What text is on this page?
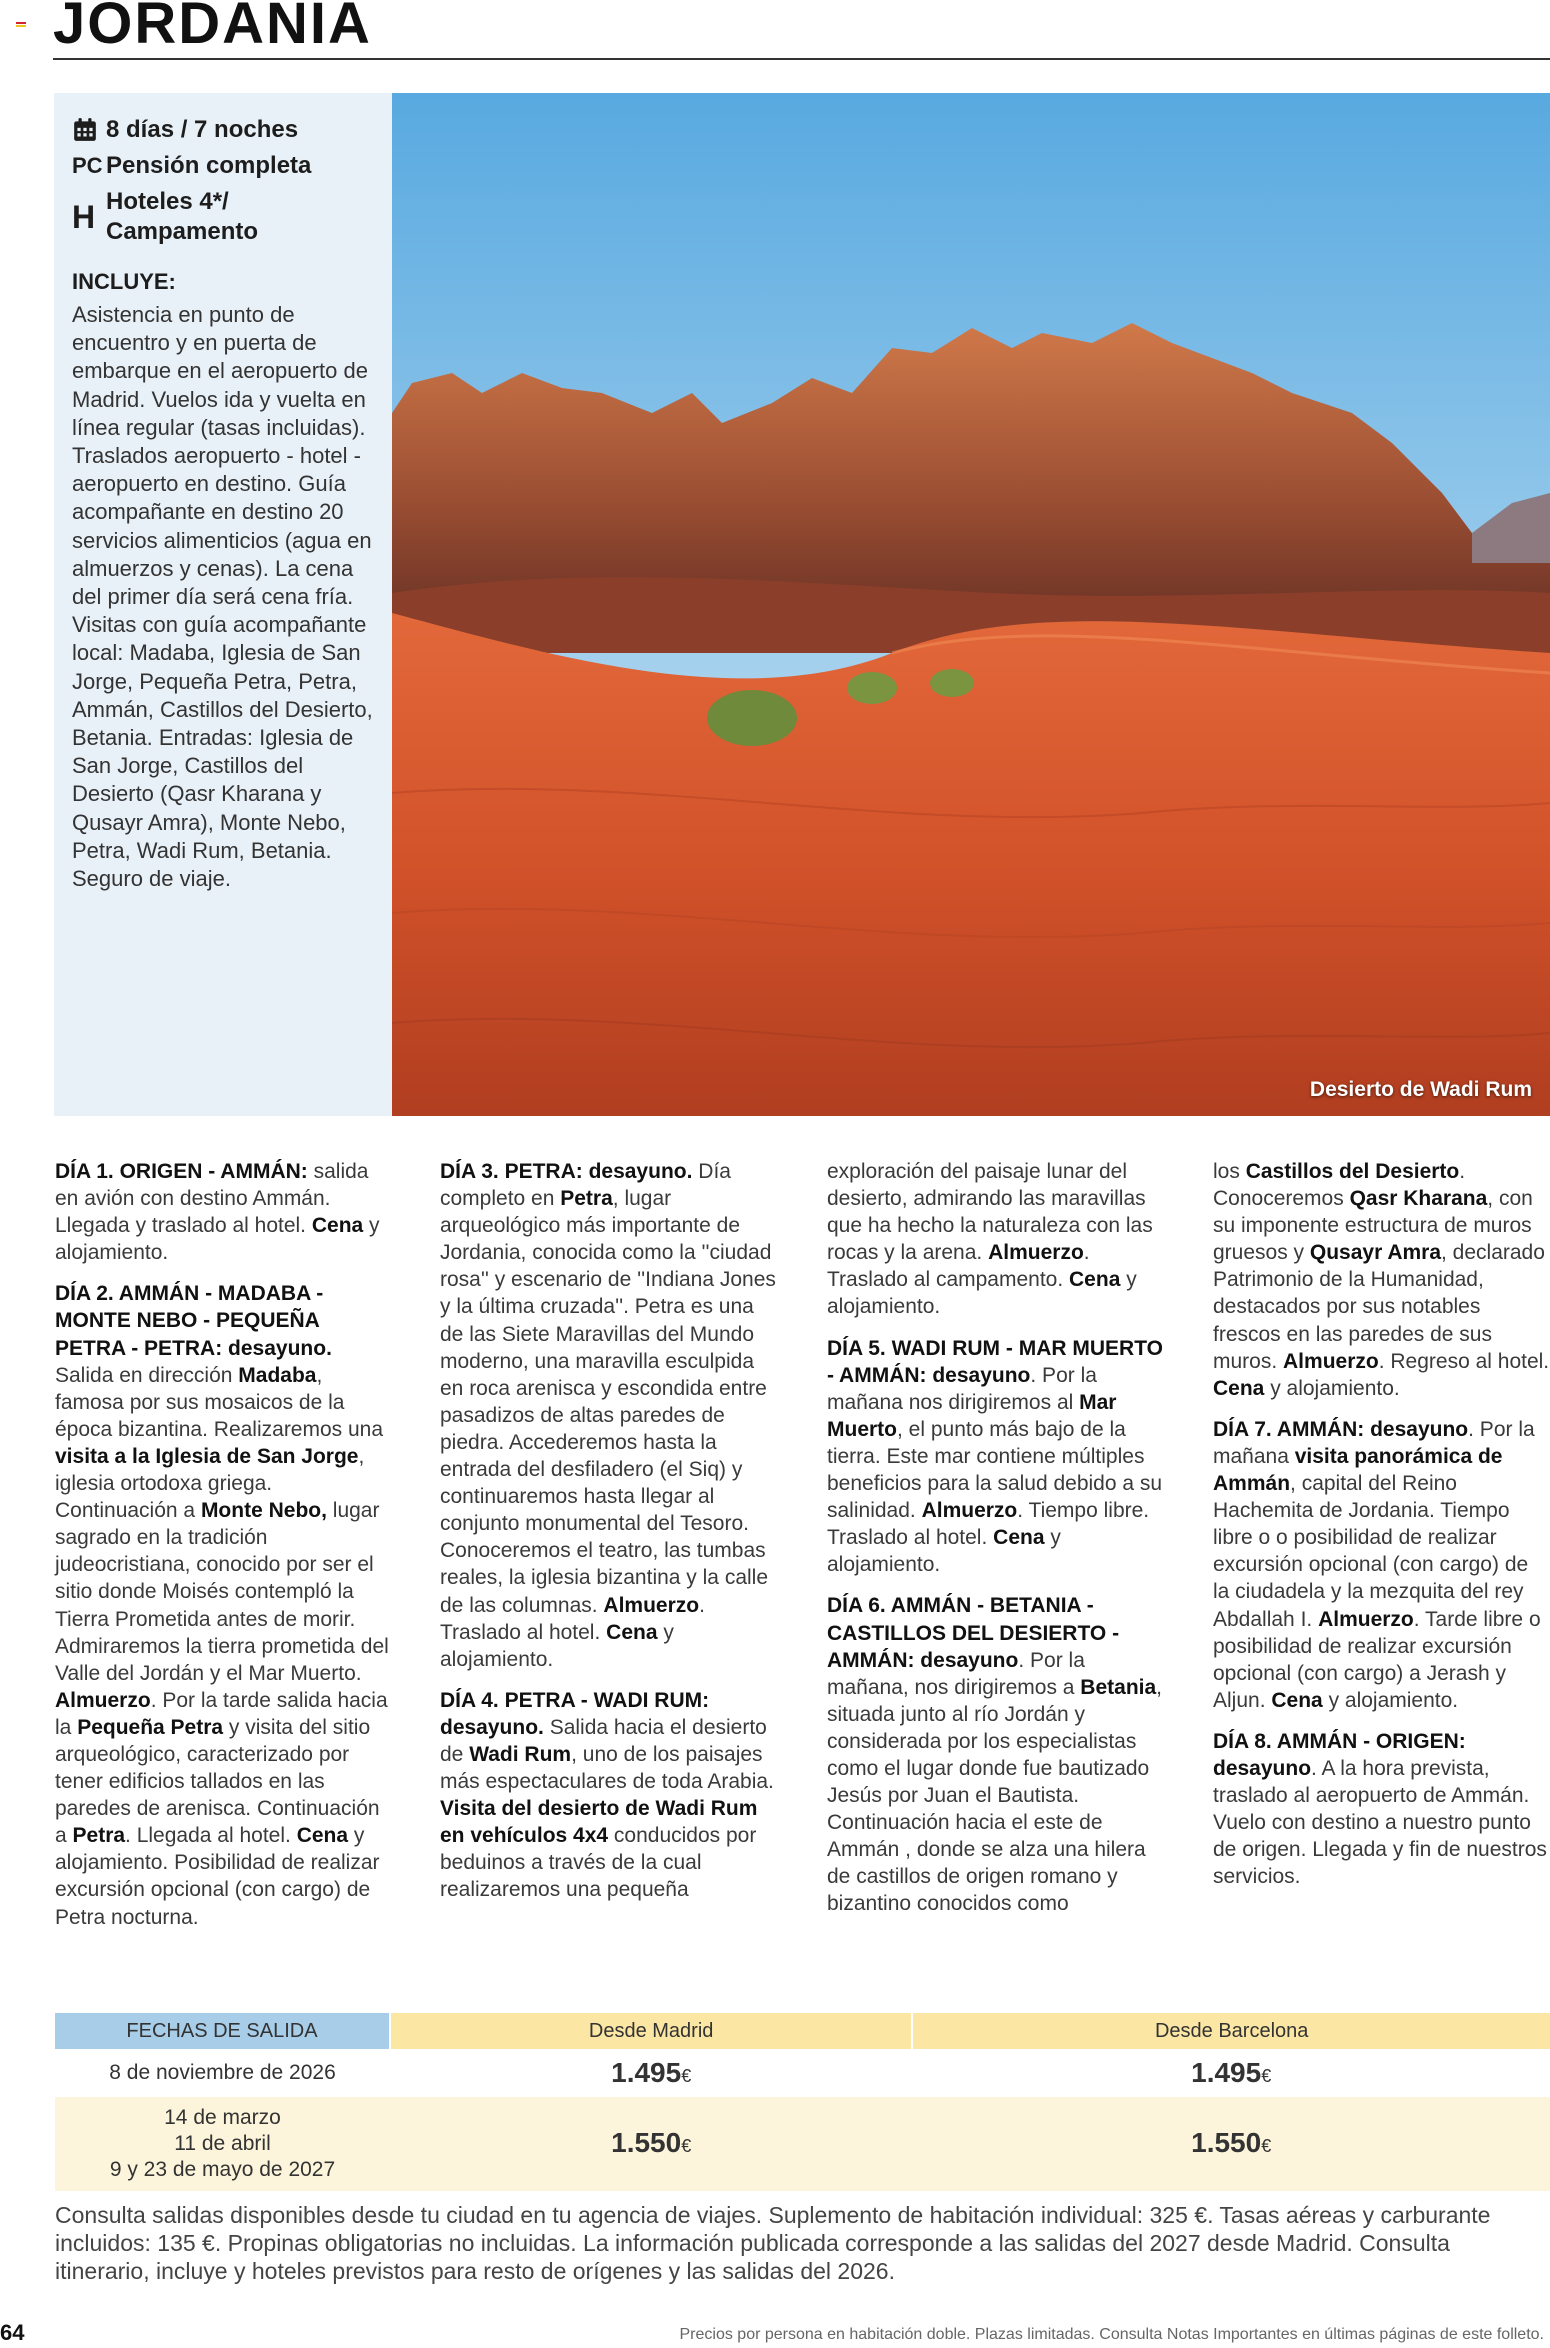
JORDANIA
8 días / 7 noches
PC Pensión completa
H Hoteles 4*/ Campamento
INCLUYE:
Asistencia en punto de encuentro y en puerta de embarque en el aeropuerto de Madrid. Vuelos ida y vuelta en línea regular (tasas incluidas). Traslados aeropuerto - hotel - aeropuerto en destino. Guía acompañante en destino 20 servicios alimenticios (agua en almuerzos y cenas). La cena del primer día será cena fría. Visitas con guía acompañante local: Madaba, Iglesia de San Jorge, Pequeña Petra, Petra, Ammán, Castillos del Desierto, Betania. Entradas: Iglesia de San Jorge, Castillos del Desierto (Qasr Kharana y Qusayr Amra), Monte Nebo, Petra, Wadi Rum, Betania. Seguro de viaje.
Desierto de Wadi Rum

DÍA 1. ORIGEN - AMMÁN: salida en avión con destino Ammán. Llegada y traslado al hotel. Cena y alojamiento.

DÍA 2. AMMÁN - MADABA - MONTE NEBO - PEQUEÑA PETRA - PETRA: desayuno. Salida en dirección Madaba, famosa por sus mosaicos de la época bizantina. Realizaremos una visita a la Iglesia de San Jorge, iglesia ortodoxa griega. Continuación a Monte Nebo, lugar sagrado en la tradición judeocristiana, conocido por ser el sitio donde Moisés contempló la Tierra Prometida antes de morir. Admiraremos la tierra prometida del Valle del Jordán y el Mar Muerto. Almuerzo. Por la tarde salida hacia la Pequeña Petra y visita del sitio arqueológico, caracterizado por tener edificios tallados en las paredes de arenisca. Continuación a Petra. Llegada al hotel. Cena y alojamiento. Posibilidad de realizar excursión opcional (con cargo) de Petra nocturna.

DÍA 3. PETRA: desayuno. Día completo en Petra, lugar arqueológico más importante de Jordania, conocida como la ''ciudad rosa'' y escenario de ''Indiana Jones y la última cruzada''. Petra es una de las Siete Maravillas del Mundo moderno, una maravilla esculpida en roca arenisca y escondida entre pasadizos de altas paredes de piedra. Accederemos hasta la entrada del desfiladero (el Siq) y continuaremos hasta llegar al conjunto monumental del Tesoro. Conoceremos el teatro, las tumbas reales, la iglesia bizantina y la calle de las columnas. Almuerzo. Traslado al hotel. Cena y alojamiento.

DÍA 4. PETRA - WADI RUM: desayuno. Salida hacia el desierto de Wadi Rum, uno de los paisajes más espectaculares de toda Arabia. Visita del desierto de Wadi Rum en vehículos 4x4 conducidos por beduinos a través de la cual realizaremos una pequeña

exploración del paisaje lunar del desierto, admirando las maravillas que ha hecho la naturaleza con las rocas y la arena. Almuerzo. Traslado al campamento. Cena y alojamiento.

DÍA 5. WADI RUM - MAR MUERTO - AMMÁN: desayuno. Por la mañana nos dirigiremos al Mar Muerto, el punto más bajo de la tierra. Este mar contiene múltiples beneficios para la salud debido a su salinidad. Almuerzo. Tiempo libre. Traslado al hotel. Cena y alojamiento.

DÍA 6. AMMÁN - BETANIA - CASTILLOS DEL DESIERTO - AMMÁN: desayuno. Por la mañana, nos dirigiremos a Betania, situada junto al río Jordán y considerada por los especialistas como el lugar donde fue bautizado Jesús por Juan el Bautista. Continuación hacia el este de Ammán , donde se alza una hilera de castillos de origen romano y bizantino conocidos como

los Castillos del Desierto. Conoceremos Qasr Kharana, con su imponente estructura de muros gruesos y Qusayr Amra, declarado Patrimonio de la Humanidad, destacados por sus notables frescos en las paredes de sus muros. Almuerzo. Regreso al hotel. Cena y alojamiento.

DÍA 7. AMMÁN: desayuno. Por la mañana visita panorámica de Ammán, capital del Reino Hachemita de Jordania. Tiempo libre o o posibilidad de realizar excursión opcional (con cargo) de la ciudadela y la mezquita del rey Abdallah I. Almuerzo. Tarde libre o posibilidad de realizar excursión opcional (con cargo) a Jerash y Aljun. Cena y alojamiento.

DÍA 8. AMMÁN - ORIGEN: desayuno. A la hora prevista, traslado al aeropuerto de Ammán. Vuelo con destino a nuestro punto de origen. Llegada y fin de nuestros servicios.

FECHAS DE SALIDA	Desde Madrid	Desde Barcelona
8 de noviembre de 2026	1.495€	1.495€

14 de marzo
11 de abril
9 y 23 de mayo de 2027	1.550€	1.550€

Consulta salidas disponibles desde tu ciudad en tu agencia de viajes. Suplemento de habitación individual: 325 €. Tasas aéreas y carburante incluidos: 135 €. Propinas obligatorias no incluidas. La información publicada corresponde a las salidas del 2027 desde Madrid. Consulta itinerario, incluye y hoteles previstos para resto de orígenes y las salidas del 2026.

64	Precios por persona en habitación doble. Plazas limitadas. Consulta Notas Importantes en últimas páginas de este folleto.
